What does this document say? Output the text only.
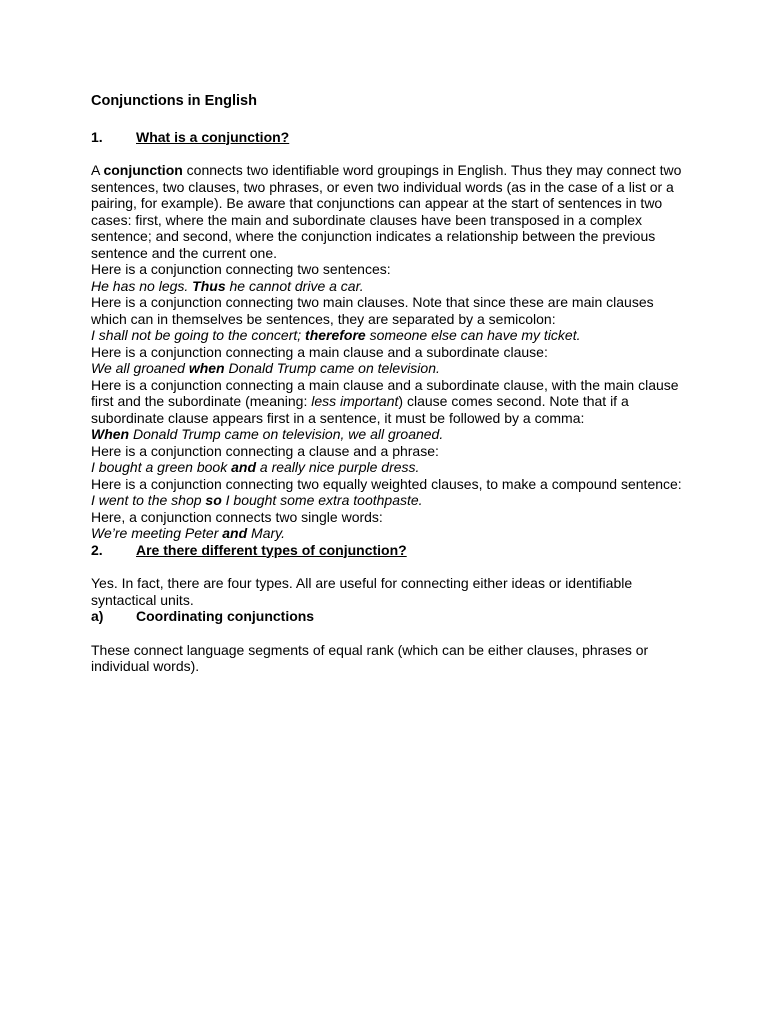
Conjunctions in English
1.	What is a conjunction?

A conjunction connects two identifiable word groupings in English. Thus they may connect two sentences, two clauses, two phrases, or even two individual words (as in the case of a list or a pairing, for example). Be aware that conjunctions can appear at the start of sentences in two cases: first, where the main and subordinate clauses have been transposed in a complex sentence; and second, where the conjunction indicates a relationship between the previous sentence and the current one.

Here is a conjunction connecting two sentences:

He has no legs. Thus he cannot drive a car.

Here is a conjunction connecting two main clauses. Note that since these are main clauses which can in themselves be sentences, they are separated by a semicolon:

I shall not be going to the concert; therefore someone else can have my ticket.

Here is a conjunction connecting a main clause and a subordinate clause:

We all groaned when Donald Trump came on television.

Here is a conjunction connecting a main clause and a subordinate clause, with the main clause first and the subordinate (meaning: less important) clause comes second. Note that if a subordinate clause appears first in a sentence, it must be followed by a comma:

When Donald Trump came on television, we all groaned.

Here is a conjunction connecting a clause and a phrase:

I bought a green book and a really nice purple dress.

Here is a conjunction connecting two equally weighted clauses, to make a compound sentence:

I went to the shop so I bought some extra toothpaste.

Here, a conjunction connects two single words:

We’re meeting Peter and Mary.

2.	Are there different types of conjunction?

Yes. In fact, there are four types. All are useful for connecting either ideas or identifiable syntactical units.

a)	Coordinating conjunctions

These connect language segments of equal rank (which can be either clauses, phrases or individual words).
